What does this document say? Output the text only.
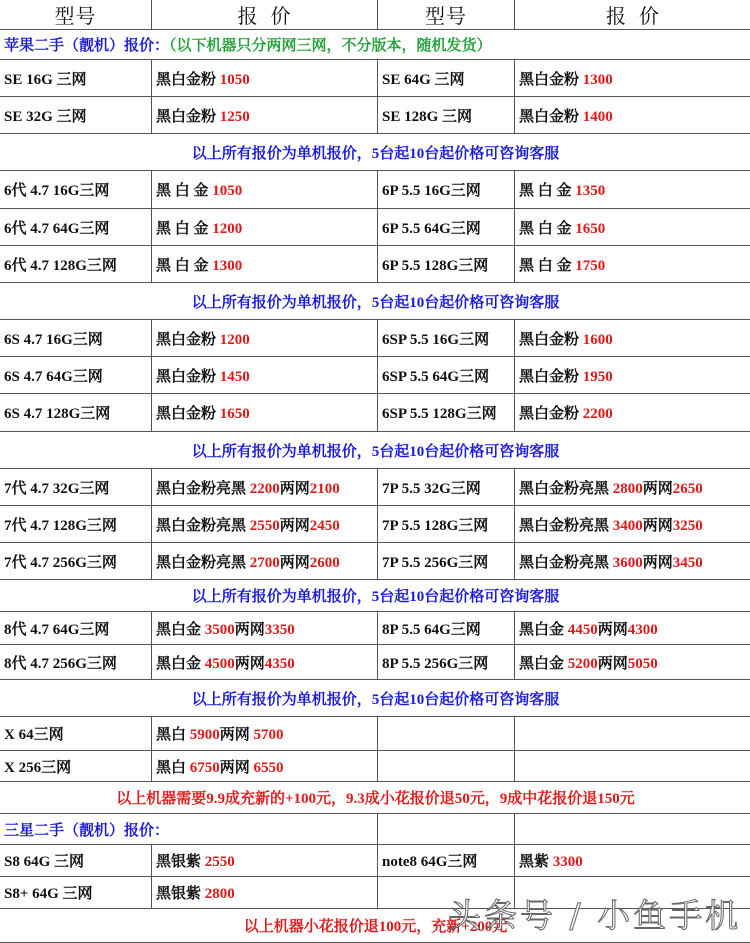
型号	报  价	型号	报  价
苹果二手（靓机）报价：（以下机器只分两网三网，不分版本，随机发货）			
SE 16G 三网	黑白金粉 1050	SE 64G 三网	黑白金粉 1300
SE 32G 三网	黑白金粉 1250	SE 128G 三网	黑白金粉 1400
以上所有报价为单机报价，5台起10台起价格可咨询客服			
6代 4.7 16G三网	黑 白 金 1050	6P 5.5 16G三网	黑 白 金 1350
6代 4.7 64G三网	黑 白 金 1200	6P 5.5 64G三网	黑 白 金 1650
6代 4.7 128G三网	黑 白 金 1300	6P 5.5 128G三网	黑 白 金 1750
以上所有报价为单机报价，5台起10台起价格可咨询客服			
6S 4.7 16G三网	黑白金粉 1200	6SP 5.5 16G三网	黑白金粉 1600
6S 4.7 64G三网	黑白金粉 1450	6SP 5.5 64G三网	黑白金粉 1950
6S 4.7 128G三网	黑白金粉 1650	6SP 5.5 128G三网	黑白金粉 2200
以上所有报价为单机报价，5台起10台起价格可咨询客服			
7代 4.7 32G三网	黑白金粉亮黑 2200两网2100	7P 5.5 32G三网	黑白金粉亮黑 2800两网2650
7代 4.7 128G三网	黑白金粉亮黑 2550两网2450	7P 5.5 128G三网	黑白金粉亮黑 3400两网3250
7代 4.7 256G三网	黑白金粉亮黑 2700两网2600	7P 5.5 256G三网	黑白金粉亮黑 3600两网3450
以上所有报价为单机报价，5台起10台起价格可咨询客服			
8代 4.7 64G三网	黑白金 3500两网3350	8P 5.5 64G三网	黑白金 4450两网4300
8代 4.7 256G三网	黑白金 4500两网4350	8P 5.5 256G三网	黑白金 5200两网5050
以上所有报价为单机报价，5台起10台起价格可咨询客服			
X 64三网	黑白 5900两网 5700		
X 256三网	黑白 6750两网 6550		
以上机器需要9.9成充新的+100元，9.3成小花报价退50元，9成中花报价退150元			
三星二手（靓机）报价：			
S8 64G 三网	黑银紫 2550	note8 64G三网	黑紫 3300
S8+ 64G 三网	黑银紫 2800		
以上机器小花报价退100元，充新+200元			
头条号 / 小鱼手机
